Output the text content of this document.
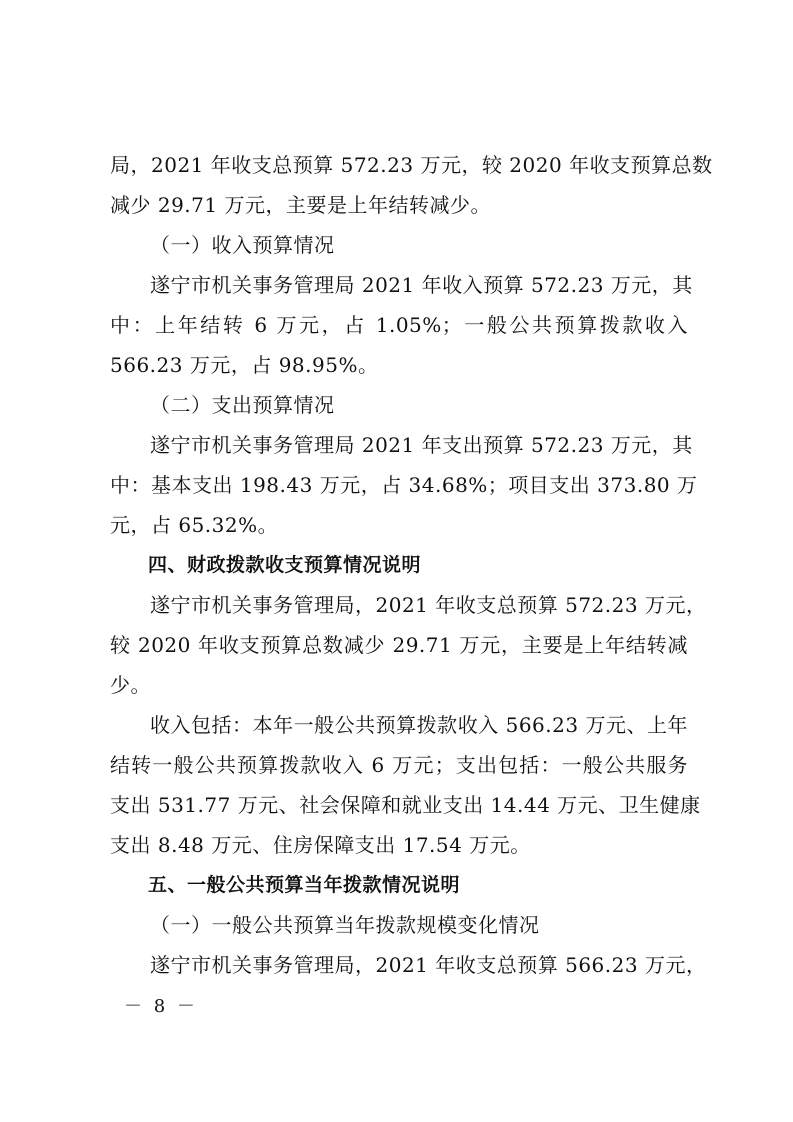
局，2021 年收支总预算 572.23 万元，较 2020 年收支预算总数
减少 29.71 万元，主要是上年结转减少。
（一）收入预算情况
遂宁市机关事务管理局 2021 年收入预算 572.23 万元，其
中：上年结转 6 万元，占 1.05%；一般公共预算拨款收入
566.23 万元，占 98.95%。
（二）支出预算情况
遂宁市机关事务管理局 2021 年支出预算 572.23 万元，其
中：基本支出 198.43 万元，占 34.68%；项目支出 373.80 万
元，占 65.32%。
四、财政拨款收支预算情况说明
遂宁市机关事务管理局，2021 年收支总预算 572.23 万元，
较 2020 年收支预算总数减少 29.71 万元，主要是上年结转减
少。
收入包括：本年一般公共预算拨款收入 566.23 万元、上年
结转一般公共预算拨款收入 6 万元；支出包括：一般公共服务
支出 531.77 万元、社会保障和就业支出 14.44 万元、卫生健康
支出 8.48 万元、住房保障支出 17.54 万元。
五、一般公共预算当年拨款情况说明
（一）一般公共预算当年拨款规模变化情况
遂宁市机关事务管理局，2021 年收支总预算 566.23 万元，
－ 8 －
